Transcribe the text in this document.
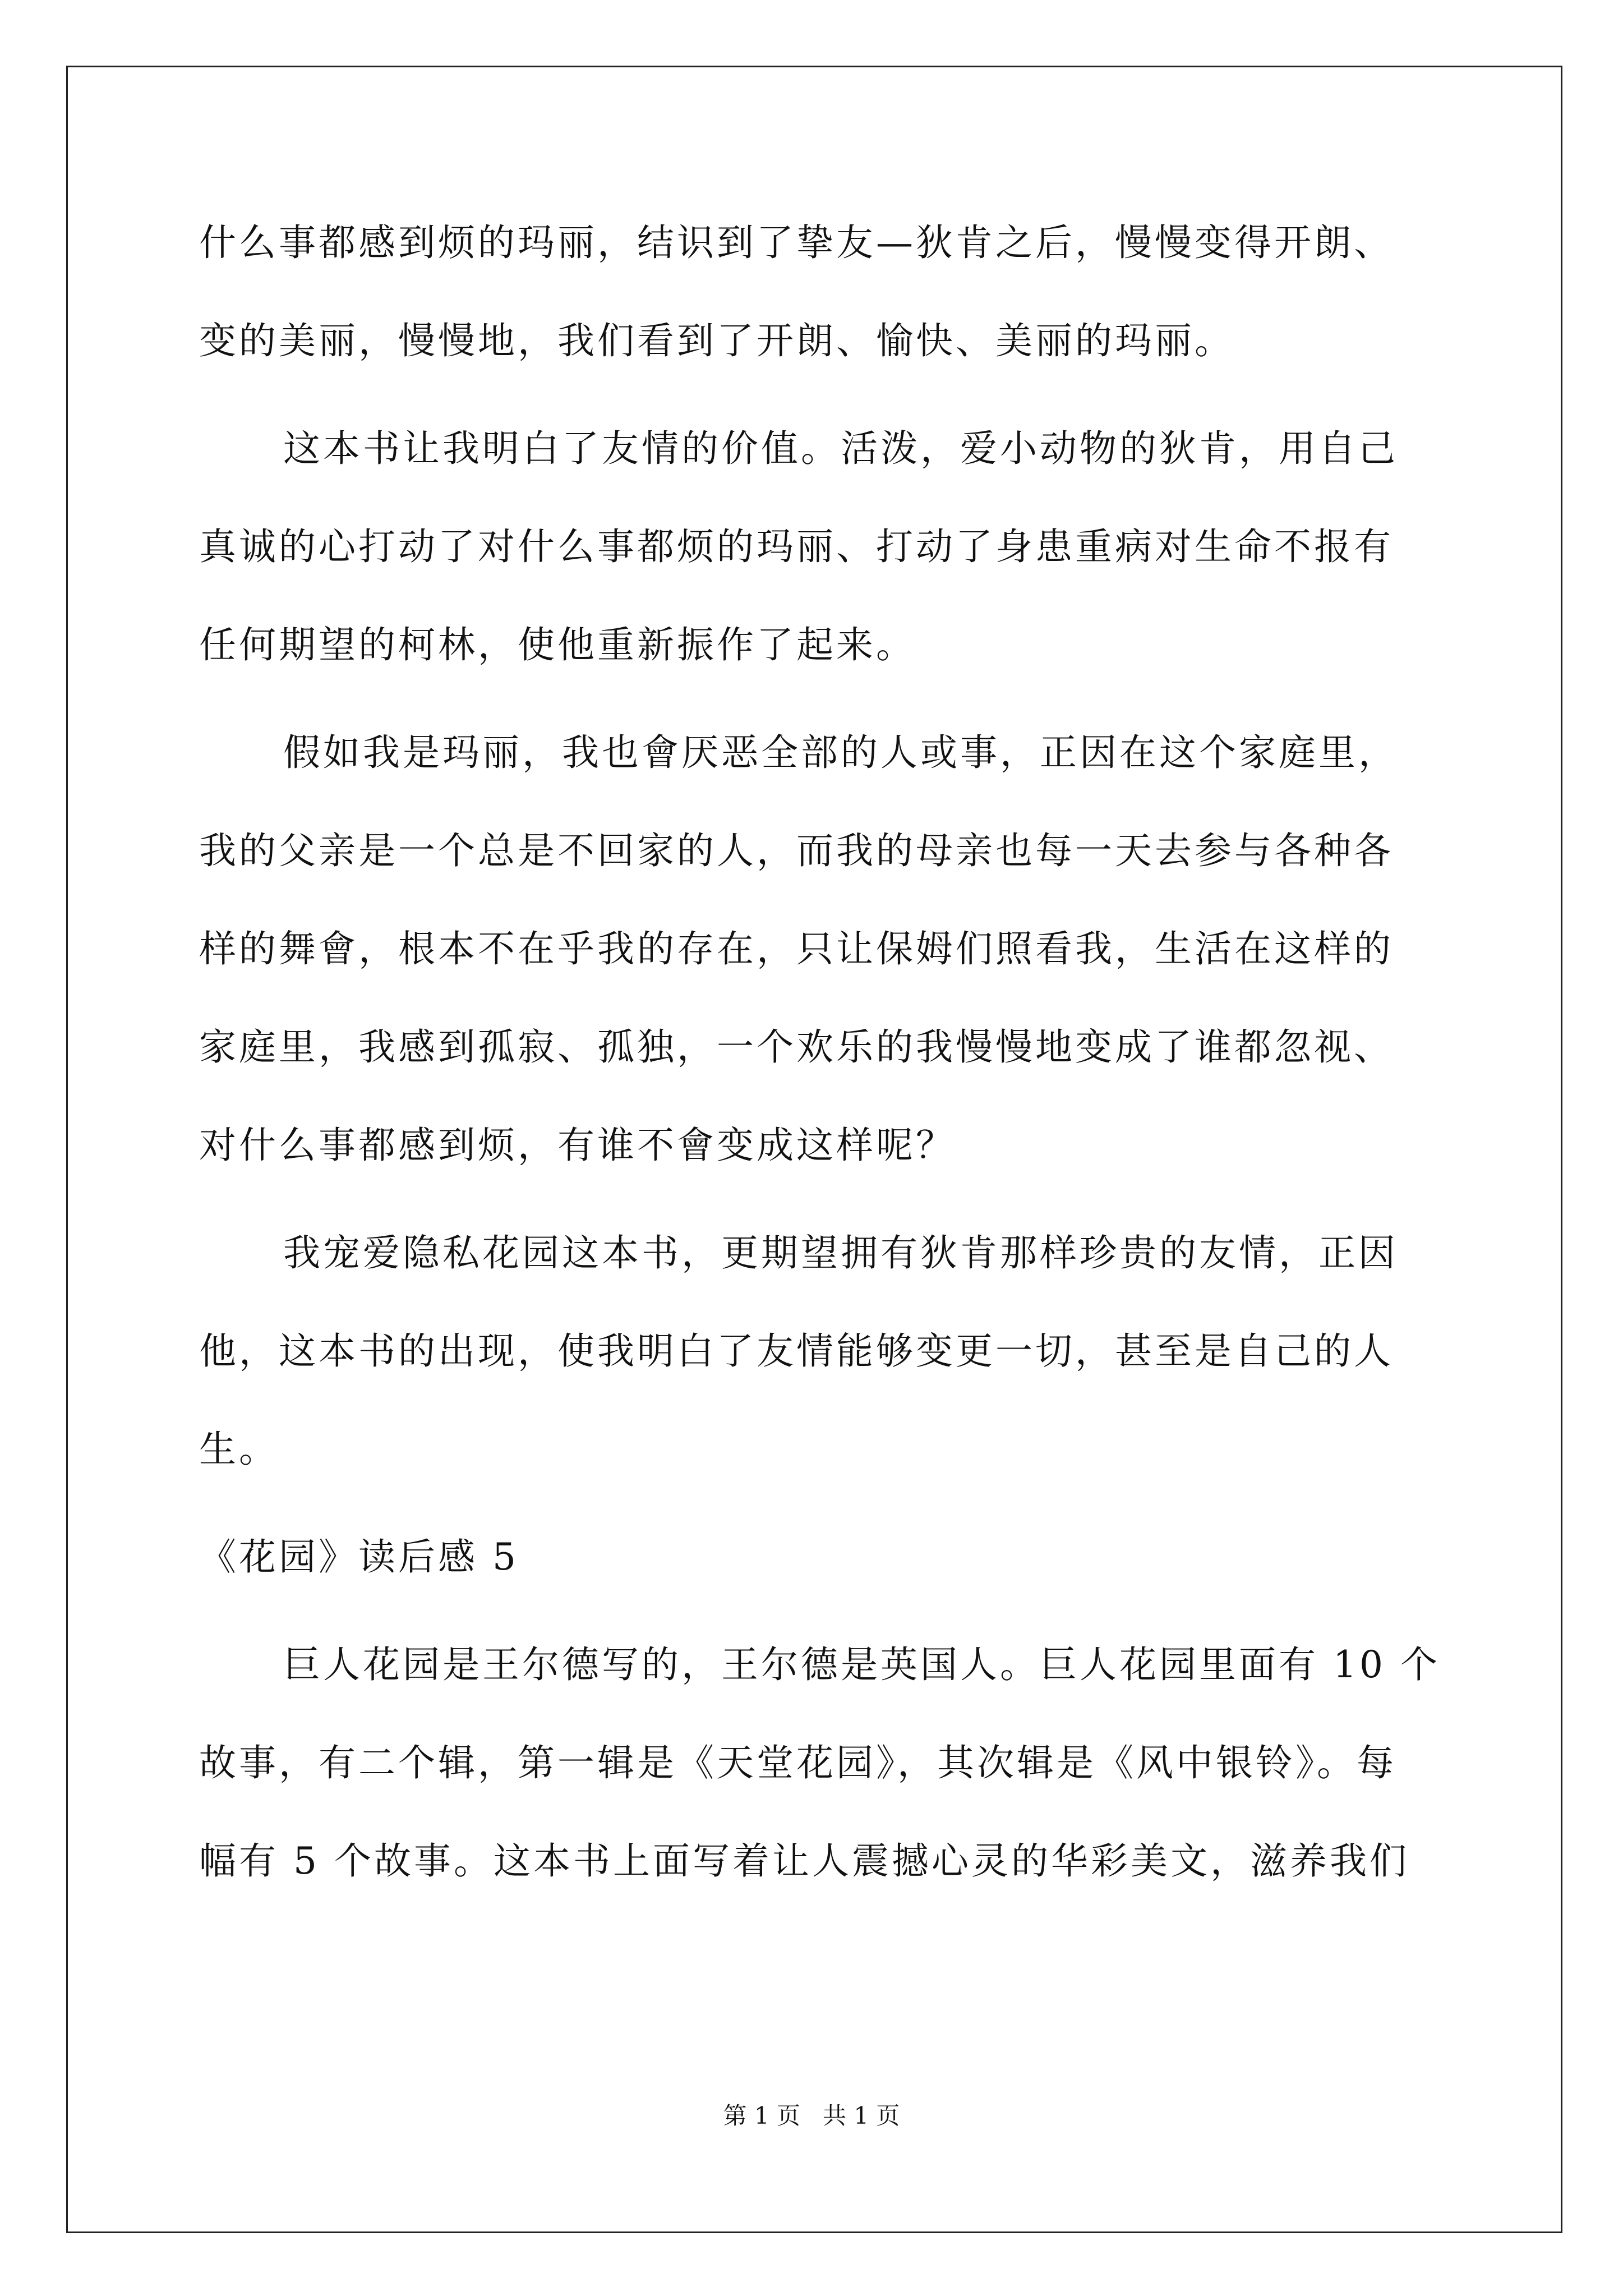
什么事都感到烦的玛丽，结识到了挚友—狄肯之后，慢慢变得开朗、
变的美丽，慢慢地，我们看到了开朗、愉快、美丽的玛丽。
这本书让我明白了友情的价值。活泼，爱小动物的狄肯，用自己
真诚的心打动了对什么事都烦的玛丽、打动了身患重病对生命不报有
任何期望的柯林，使他重新振作了起来。
假如我是玛丽，我也會厌恶全部的人或事，正因在这个家庭里，
我的父亲是一个总是不回家的人，而我的母亲也每一天去参与各种各
样的舞會，根本不在乎我的存在，只让保姆们照看我，生活在这样的
家庭里，我感到孤寂、孤独，一个欢乐的我慢慢地变成了谁都忽视、
对什么事都感到烦，有谁不會变成这样呢？
我宠爱隐私花园这本书，更期望拥有狄肯那样珍贵的友情，正因
他，这本书的出现，使我明白了友情能够变更一切，甚至是自己的人
生。
《花园》读后感 5
巨人花园是王尔德写的，王尔德是英国人。巨人花园里面有 10 个
故事，有二个辑，第一辑是《天堂花园》，其次辑是《风中银铃》。每
幅有 5 个故事。这本书上面写着让人震撼心灵的华彩美文，滋养我们
第 1 页 共 1 页
